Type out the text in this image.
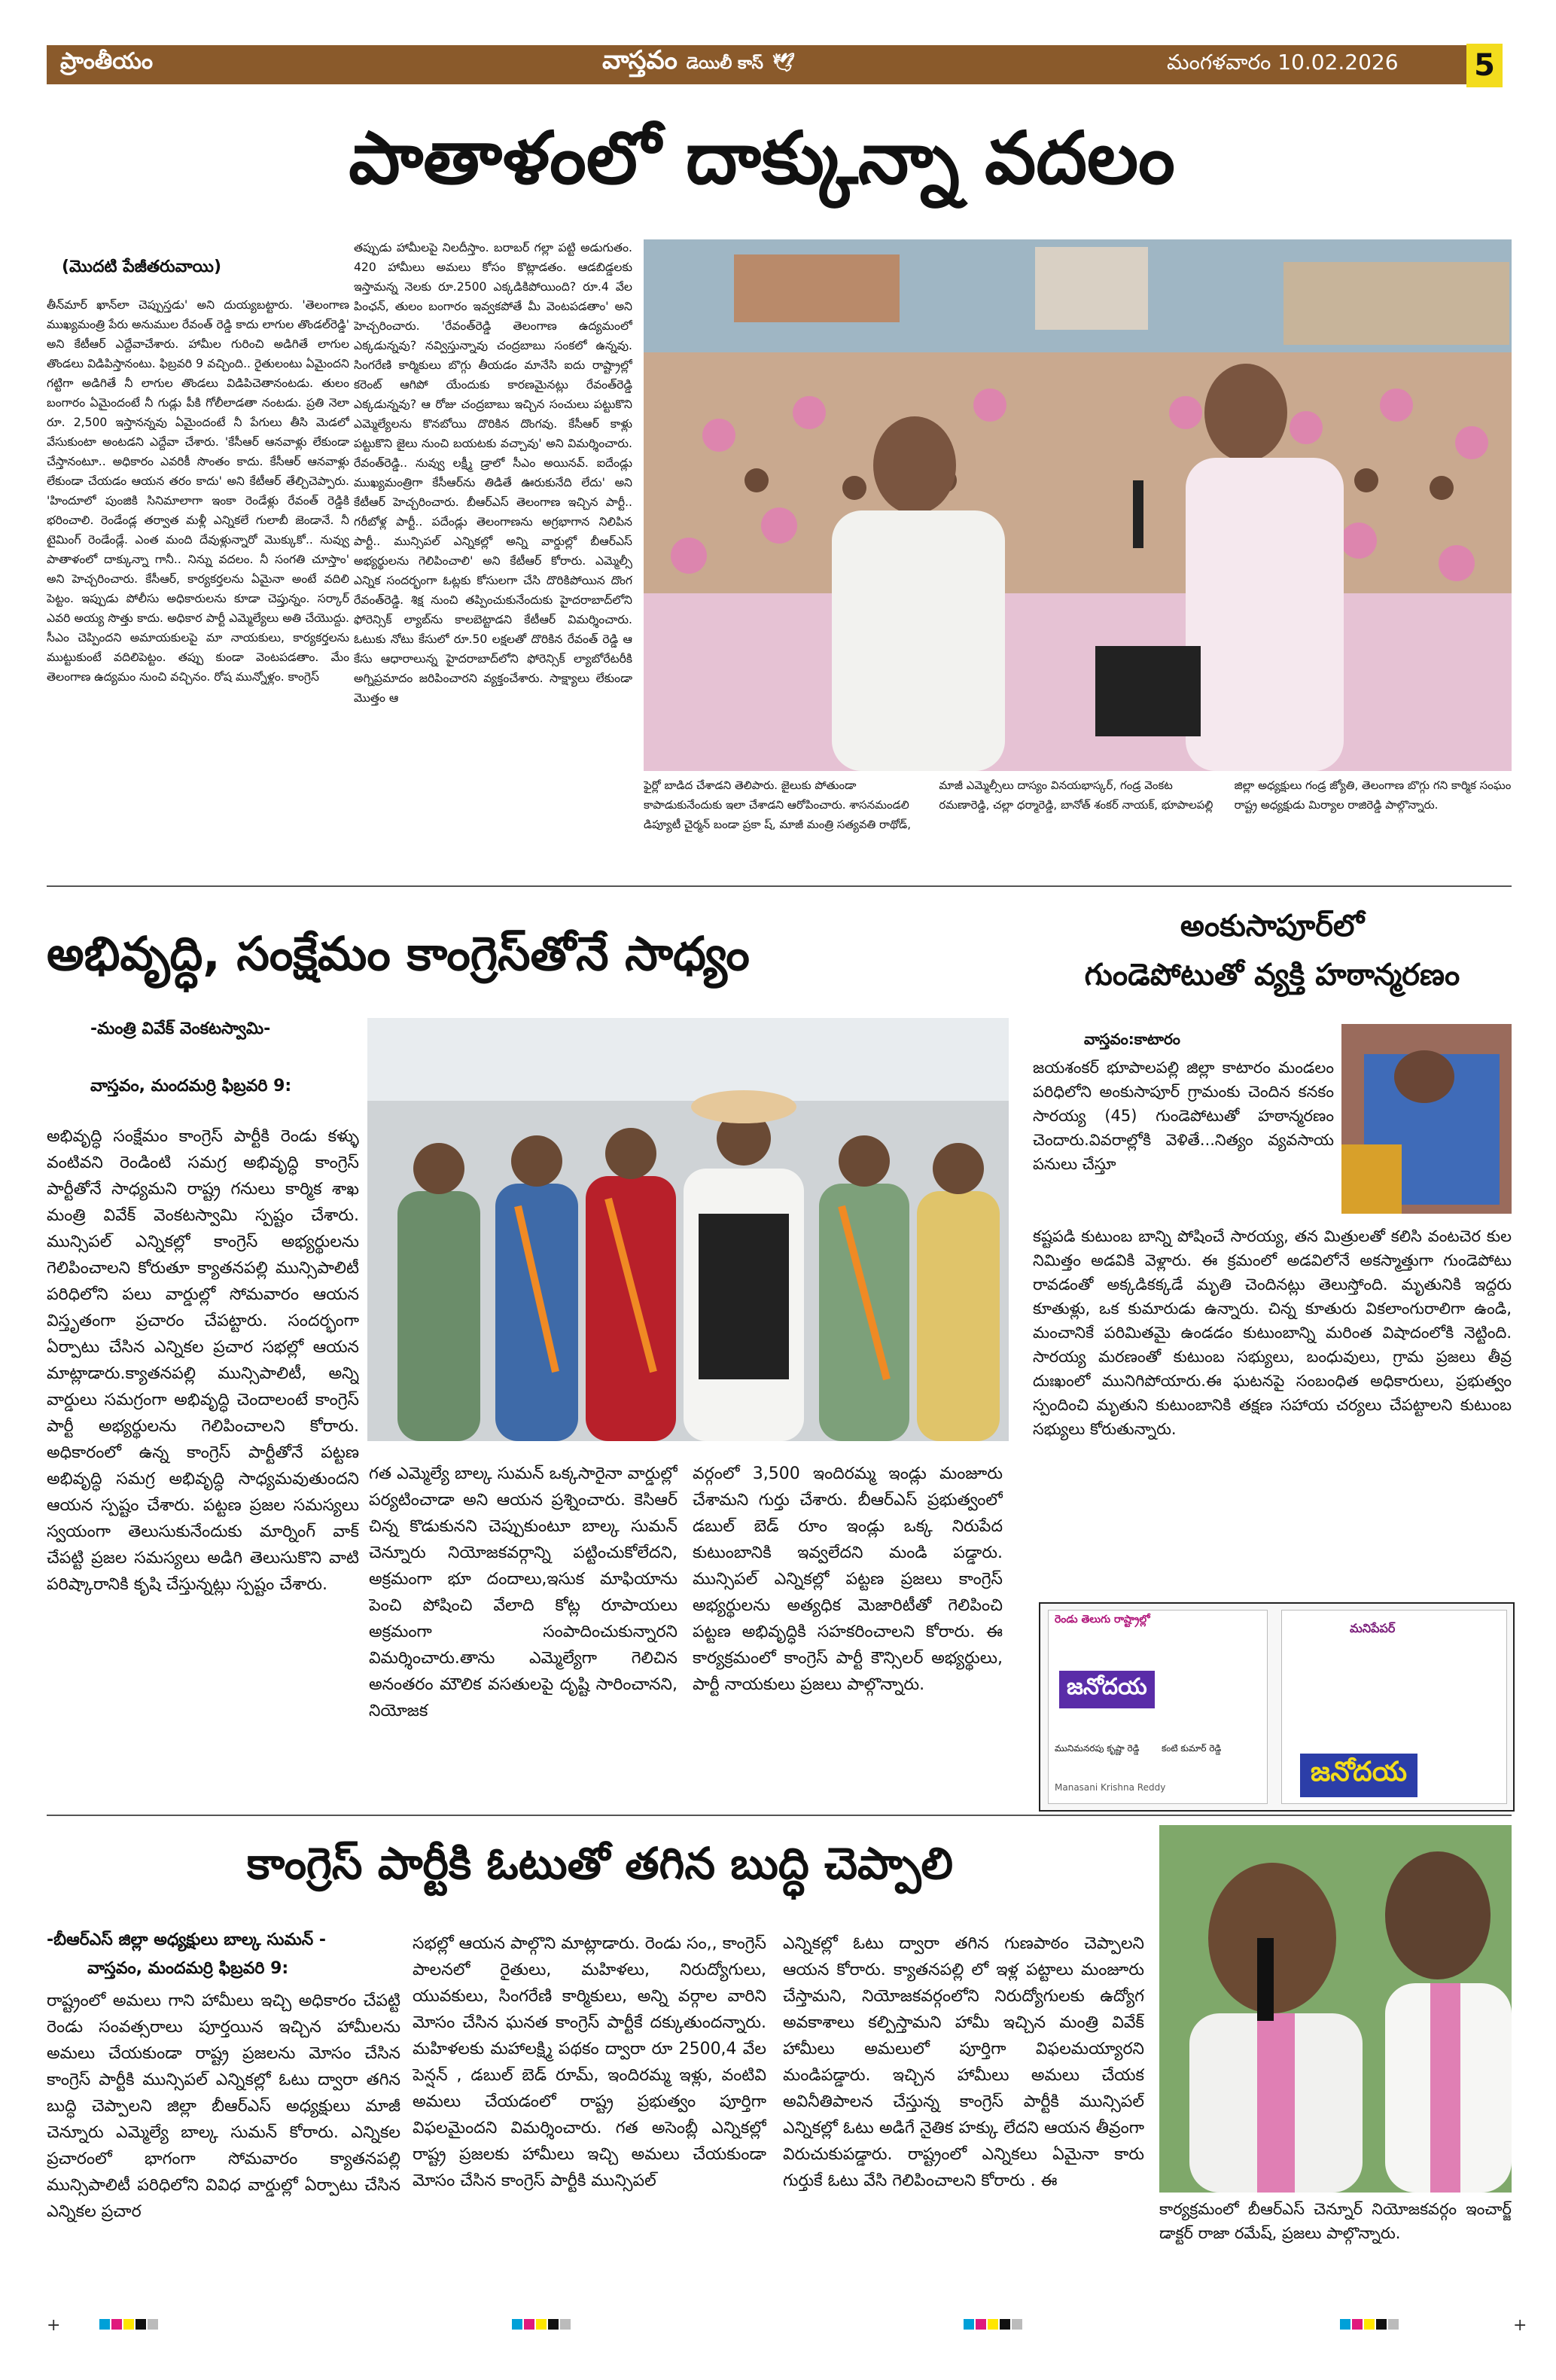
ప్రాంతీయం	వాస్తవం డెయిలీ కాస్ 🕊	మంగళవారం 10.02.2026	5
పాతాళంలో దాక్కున్నా వదలం
(మొదటి పేజీతరువాయి)
తీన్‌మార్ ఖాన్‌లా చెప్పుస్తడు' అని దుయ్యబట్టారు. 'తెలంగాణ ముఖ్యమంత్రి పేరు అనుముల రేవంత్ రెడ్డి కాదు లాగుల తొండల్‌రెడ్డి' అని కేటీఆర్ ఎద్దేవాచేశారు. హామీల గురించి అడిగితే లాగుల తొండలు విడిపిస్తానంటు. ఫిబ్రవరి 9 వచ్చింది.. రైతులంటు ఏమైందని గట్టిగా అడిగితే నీ లాగుల తొండలు విడిపిచెతానంటడు. తులం బంగారం ఏమైందంటే నీ గుడ్లు పీకి గోలీలాడతా నంటడు. ప్రతి నెలా రూ. 2,500 ఇస్తానన్నవు ఏమైందంటే నీ పేగులు తీసి మెడలో వేసుకుంటా అంటడని ఎద్దేవా చేశారు. 'కేసీఆర్ ఆనవాళ్లు లేకుండా చేస్తానంటూ.. అధికారం ఎవరికీ సొంతం కాదు. కేసీఆర్ ఆనవాళ్లు లేకుండా చేయడం ఆయన తరం కాదు' అని కేటీఆర్ తేల్చిచెప్పారు. 'హిందూలో పుంజికి సినిమాలాగా ఇంకా రెండేళ్లు రేవంత్ రెడ్డికి భరించాలి. రెండేండ్ల తర్వాత మళ్లీ ఎన్నికలే గులాబీ జెండానే. నీ టైమింగ్ రెండేండ్లే. ఎంత మంది దేవుళ్లున్నారో మొక్కుకో.. నువ్వు పాతాళంలో దాక్కున్నా గానీ.. నిన్ను వదలం. నీ సంగతి చూస్తాం' అని హెచ్చరించారు. కేసీఆర్, కార్యకర్తలను ఏమైనా అంటే వదిలి పెట్టం. ఇప్పుడు పోలీసు అధికారులను కూడా చెప్తున్నం. సర్కార్ ఎవరి అయ్య సొత్తు కాదు. అధికార పార్టీ ఎమ్మెల్యేలు అతి చేయొద్దు. సీఎం చెప్పిందని అమాయకులపై మా నాయకులు, కార్యకర్తలను ముట్టుకుంటే వదిలిపెట్టం. తప్పు కుండా వెంటపడతాం. మేం తెలంగాణ ఉద్యమం నుంచి వచ్చినం. రోష మున్నోళ్లం. కాంగ్రెస్
తప్పుడు హామీలపై నిలదీస్తాం. బరాబర్ గల్లా పట్టి అడుగుతం. 420 హామీలు అమలు కోసం కొట్లాడతం. ఆడబిడ్డలకు ఇస్తామన్న నెలకు రూ.2500 ఎక్కడికిపోయింది? రూ.4 వేల పింఛన్, తులం బంగారం ఇవ్వకపోతే మీ వెంటపడతాం' అని హెచ్చరించారు. 'రేవంత్‌రెడ్డి తెలంగాణ ఉద్యమంలో ఎక్కడున్నవు? నవ్విస్తున్నావు చంద్రబాబు సంకలో ఉన్నవు. సింగరేణి కార్మికులు బొగ్గు తీయడం మానేసి ఐదు రాష్ట్రాల్లో కరెంట్ ఆగిపో యేందుకు కారణమైనట్లు రేవంత్‌రెడ్డి ఎక్కడున్నవు? ఆ రోజు చంద్రబాబు ఇచ్చిన సంచులు పట్టుకొని ఎమ్మెల్యేలను కొనబోయి దొరికిన దొంగవు. కేసీఆర్ కాళ్లు పట్టుకొని జైలు నుంచి బయటకు వచ్చావు' అని విమర్శించారు. రేవంత్‌రెడ్డి.. నువ్వు లక్ష్మీ డ్రాలో సీఎం అయినవ్. ఐదేండ్లు ముఖ్యమంత్రిగా కేసీఆర్‌ను తిడితే ఊరుకునేది లేదు' అని కేటీఆర్ హెచ్చరించారు. బీఆర్ఎస్ తెలంగాణ ఇచ్చిన పార్టీ.. గరీబోళ్ల పార్టీ.. పదేండ్లు తెలంగాణను అగ్రభాగాన నిలిపిన పార్టీ.. మున్సిపల్ ఎన్నికల్లో అన్ని వార్డుల్లో బీఆర్ఎస్ అభ్యర్థులను గెలిపించాలి' అని కేటీఆర్ కోరారు. ఎమ్మెల్సీ ఎన్నిక సందర్భంగా ఓట్లకు కోసులగా చేసి దొరికిపోయిన దొంగ రేవంత్‌రెడ్డి. శిక్ష నుంచి తప్పించుకునేందుకు హైదరాబాద్‌లోని ఫోరెన్సిక్ ల్యాబ్‌ను కాలబెట్టాడని కేటీఆర్ విమర్శించారు. ఓటుకు నోటు కేసులో రూ.50 లక్షలతో దొరికిన రేవంత్ రెడ్డి ఆ కేసు ఆధారాలున్న హైదరాబాద్‌లోని ఫోరెన్సిక్ ల్యాబోరేటరీకి అగ్నిప్రమాదం జరిపించారని వ్యక్తంచేశారు. సాక్ష్యాలు లేకుండా మొత్తం ఆ
ఫైర్లో బాడిద చేశాడని తెలిపారు. జైలుకు పోతుండా కాపాడుకునేందుకు ఇలా చేశాడని ఆరోపించారు. శాసనమండలి డిప్యూటీ చైర్మన్ బండా ప్రకా ష్, మాజీ మంత్రి సత్యవతి రాథోడ్, మాజీ ఎమ్మెల్సీలు దాస్యం వినయభాస్కర్, గండ్ర వెంకట రమణారెడ్డి, చల్లా ధర్మారెడ్డి, బానోత్ శంకర్ నాయక్, భూపాలపల్లి జిల్లా అధ్యక్షులు గండ్ర జ్యోతి, తెలంగాణ బొగ్గు గని కార్మిక సంఘం రాష్ట్ర అధ్యక్షుడు మిర్యాల రాజిరెడ్డి పాల్గొన్నారు.
అభివృద్ధి, సంక్షేమం కాంగ్రెస్‌తోనే సాధ్యం
-మంత్రి వివేక్ వెంకటస్వామి-
వాస్తవం, మందమర్రి ఫిబ్రవరి 9:
అభివృద్ధి సంక్షేమం కాంగ్రెస్ పార్టీకి రెండు కళ్ళు వంటివని రెండింటి సమగ్ర అభివృద్ధి కాంగ్రెస్ పార్టీతోనే సాధ్యమని రాష్ట్ర గనులు కార్మిక శాఖ మంత్రి వివేక్ వెంకటస్వామి స్పష్టం చేశారు. మున్సిపల్ ఎన్నికల్లో కాంగ్రెస్ అభ్యర్థులను గెలిపించాలని కోరుతూ క్యాతనపల్లి మున్సిపాలిటీ పరిధిలోని పలు వార్డుల్లో సోమవారం ఆయన విస్తృతంగా ప్రచారం చేపట్టారు. సందర్భంగా ఏర్పాటు చేసిన ఎన్నికల ప్రచార సభల్లో ఆయన మాట్లాడారు.క్యాతనపల్లి మున్సిపాలిటీ, అన్ని వార్డులు సమగ్రంగా అభివృద్ధి చెందాలంటే కాంగ్రెస్ పార్టీ అభ్యర్థులను గెలిపించాలని కోరారు. అధికారంలో ఉన్న కాంగ్రెస్ పార్టీతోనే పట్టణ అభివృద్ధి సమగ్ర అభివృద్ధి సాధ్యమవుతుందని ఆయన స్పష్టం చేశారు. పట్టణ ప్రజల సమస్యలు స్వయంగా తెలుసుకునేందుకు మార్నింగ్ వాక్ చేపట్టి ప్రజల సమస్యలు అడిగి తెలుసుకొని వాటి పరిష్కారానికి కృషి చేస్తున్నట్లు స్పష్టం చేశారు.
గత ఎమ్మెల్యే బాల్క సుమన్ ఒక్కసారైనా వార్డుల్లో పర్యటించాడా అని ఆయన ప్రశ్నించారు. కెసిఆర్ చిన్న కొడుకునని చెప్పుకుంటూ బాల్క సుమన్ చెన్నూరు నియోజకవర్గాన్ని పట్టించుకోలేదని, అక్రమంగా భూ దందాలు,ఇసుక మాఫియాను పెంచి పోషించి వేలాది కోట్ల రూపాయలు అక్రమంగా సంపాదించుకున్నారని విమర్శించారు.తాను ఎమ్మెల్యేగా గెలిచిన అనంతరం మౌలిక వసతులపై దృష్టి సారించానని, నియోజక
వర్గంలో 3,500 ఇందిరమ్మ ఇండ్లు మంజూరు చేశామని గుర్తు చేశారు. బీఆర్ఎస్ ప్రభుత్వంలో డబుల్ బెడ్ రూం ఇండ్లు ఒక్క నిరుపేద కుటుంబానికి ఇవ్వలేదని మండి పడ్డారు. మున్సిపల్ ఎన్నికల్లో పట్టణ ప్రజలు కాంగ్రెస్ అభ్యర్థులను అత్యధిక మెజారిటీతో గెలిపించి పట్టణ అభివృద్ధికి సహకరించాలని కోరారు. ఈ కార్యక్రమంలో కాంగ్రెస్ పార్టీ కౌన్సిలర్ అభ్యర్థులు, పార్టీ నాయకులు ప్రజలు పాల్గొన్నారు.
అంకుసాపూర్‌లో
గుండెపోటుతో వ్యక్తి హఠాన్మరణం
వాస్తవం:కాటారం
జయశంకర్ భూపాలపల్లి జిల్లా కాటారం మండలం పరిధిలోని అంకుసాపూర్ గ్రామంకు చెందిన కనకం సారయ్య (45) గుండెపోటుతో హఠాన్మరణం చెందారు.వివరాల్లోకి వెళితే...నిత్యం వ్యవసాయ పనులు చేస్తూ
కష్టపడి కుటుంబ బాన్ని పోషించే సారయ్య, తన మిత్రులతో కలిసి వంటచెర కుల నిమిత్తం అడవికి వెళ్లారు. ఈ క్రమంలో అడవిలోనే అకస్మాత్తుగా గుండెపోటు రావడంతో అక్కడికక్కడే మృతి చెందినట్లు తెలుస్తోంది. మృతునికి ఇద్దరు కూతుళ్లు, ఒక కుమారుడు ఉన్నారు. చిన్న కూతురు వికలాంగురాలిగా ఉండి, మంచానికే పరిమితమై ఉండడం కుటుంబాన్ని మరింత విషాదంలోకి నెట్టింది. సారయ్య మరణంతో కుటుంబ సభ్యులు, బంధువులు, గ్రామ ప్రజలు తీవ్ర దుఃఖంలో మునిగిపోయారు.ఈ ఘటనపై సంబంధిత అధికారులు, ప్రభుత్వం స్పందించి మృతుని కుటుంబానికి తక్షణ సహాయ చర్యలు చేపట్టాలని కుటుంబ సభ్యులు కోరుతున్నారు.
రెండు తెలుగు రాష్ట్రాల్లో
జనోదయ
మునిమనరపు కృష్ణా రెడ్డి కంటి కుమార్ రెడ్డి
Manasani Krishna Reddy
మనిపేపర్
జనోదయ
కాంగ్రెస్ పార్టీకి ఓటుతో తగిన బుద్ధి చెప్పాలి
-బీఆర్ఎస్ జిల్లా అధ్యక్షులు బాల్క సుమన్ -
వాస్తవం, మందమర్రి ఫిబ్రవరి 9:
రాష్ట్రంలో అమలు గాని హామీలు ఇచ్చి అధికారం చేపట్టి రెండు సంవత్సరాలు పూర్తయిన ఇచ్చిన హామీలను అమలు చేయకుండా రాష్ట్ర ప్రజలను మోసం చేసిన కాంగ్రెస్ పార్టీకి మున్సిపల్ ఎన్నికల్లో ఓటు ద్వారా తగిన బుద్ధి చెప్పాలని జిల్లా బీఆర్ఎస్ అధ్యక్షులు మాజీ చెన్నూరు ఎమ్మెల్యే బాల్క సుమన్ కోరారు. ఎన్నికల ప్రచారంలో భాగంగా సోమవారం క్యాతనపల్లి మున్సిపాలిటీ పరిధిలోని వివిధ వార్డుల్లో ఏర్పాటు చేసిన ఎన్నికల ప్రచార
సభల్లో ఆయన పాల్గొని మాట్లాడారు. రెండు సం,, కాంగ్రెస్ పాలనలో రైతులు, మహిళలు, నిరుద్యోగులు, యువకులు, సింగరేణి కార్మికులు, అన్ని వర్గాల వారిని మోసం చేసిన ఘనత కాంగ్రెస్ పార్టీకే దక్కుతుందన్నారు. మహిళలకు మహాలక్ష్మి పథకం ద్వారా రూ 2500,4 వేల పెన్షన్ , డబుల్ బెడ్ రూమ్, ఇందిరమ్మ ఇళ్లు, వంటివి అమలు చేయడంలో రాష్ట్ర ప్రభుత్వం పూర్తిగా విఫలమైందని విమర్శించారు. గత అసెంబ్లీ ఎన్నికల్లో రాష్ట్ర ప్రజలకు హామీలు ఇచ్చి అమలు చేయకుండా మోసం చేసిన కాంగ్రెస్ పార్టీకి మున్సిపల్
ఎన్నికల్లో ఓటు ద్వారా తగిన గుణపాఠం చెప్పాలని ఆయన కోరారు. క్యాతనపల్లి లో ఇళ్ల పట్టాలు మంజూరు చేస్తామని, నియోజకవర్గంలోని నిరుద్యోగులకు ఉద్యోగ అవకాశాలు కల్పిస్తామని హామీ ఇచ్చిన మంత్రి వివేక్ హామీలు అమలులో పూర్తిగా విఫలమయ్యారని మండిపడ్డారు. ఇచ్చిన హామీలు అమలు చేయక అవినీతిపాలన చేస్తున్న కాంగ్రెస్ పార్టీకి మున్సిపల్ ఎన్నికల్లో ఓటు అడిగే నైతిక హక్కు లేదని ఆయన తీవ్రంగా విరుచుకుపడ్డారు. రాష్ట్రంలో ఎన్నికలు ఏమైనా కారు గుర్తుకే ఓటు వేసి గెలిపించాలని కోరారు . ఈ
కార్యక్రమంలో బీఆర్ఎస్ చెన్నూర్ నియోజకవర్గం ఇంచార్జ్ డాక్టర్ రాజా రమేష్, ప్రజలు పాల్గొన్నారు.
+	+
